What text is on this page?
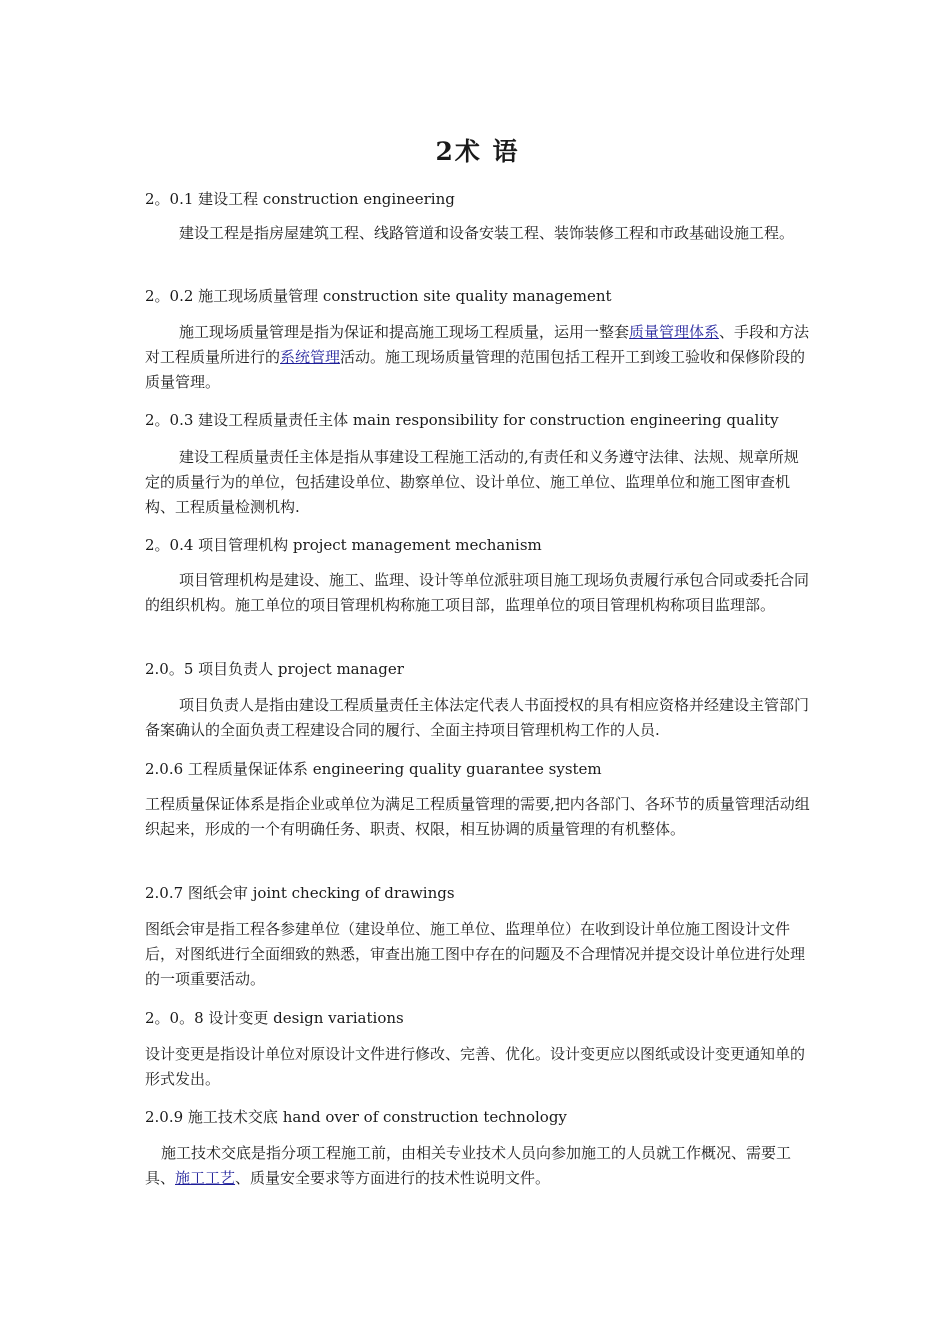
2术 语

2。0.1 建设工程 construction engineering

建设工程是指房屋建筑工程、线路管道和设备安装工程、装饰装修工程和市政基础设施工程。

2。0.2 施工现场质量管理 construction site quality management

施工现场质量管理是指为保证和提高施工现场工程质量，运用一整套质量管理体系、手段和方法对工程质量所进行的系统管理活动。施工现场质量管理的范围包括工程开工到竣工验收和保修阶段的质量管理。

2。0.3 建设工程质量责任主体 main responsibility for construction engineering quality

建设工程质量责任主体是指从事建设工程施工活动的,有责任和义务遵守法律、法规、规章所规定的质量行为的单位，包括建设单位、勘察单位、设计单位、施工单位、监理单位和施工图审查机构、工程质量检测机构.

2。0.4 项目管理机构 project management mechanism

项目管理机构是建设、施工、监理、设计等单位派驻项目施工现场负责履行承包合同或委托合同的组织机构。施工单位的项目管理机构称施工项目部，监理单位的项目管理机构称项目监理部。

2.0。5 项目负责人 project manager

项目负责人是指由建设工程质量责任主体法定代表人书面授权的具有相应资格并经建设主管部门备案确认的全面负责工程建设合同的履行、全面主持项目管理机构工作的人员.

2.0.6 工程质量保证体系 engineering quality guarantee system

工程质量保证体系是指企业或单位为满足工程质量管理的需要,把内各部门、各环节的质量管理活动组织起来，形成的一个有明确任务、职责、权限，相互协调的质量管理的有机整体。

2.0.7 图纸会审 joint checking of drawings

图纸会审是指工程各参建单位（建设单位、施工单位、监理单位）在收到设计单位施工图设计文件后，对图纸进行全面细致的熟悉，审查出施工图中存在的问题及不合理情况并提交设计单位进行处理的一项重要活动。

2。0。8 设计变更 design variations

设计变更是指设计单位对原设计文件进行修改、完善、优化。设计变更应以图纸或设计变更通知单的形式发出。

2.0.9 施工技术交底 hand over of construction technology

施工技术交底是指分项工程施工前，由相关专业技术人员向参加施工的人员就工作概况、需要工具、施工工艺、质量安全要求等方面进行的技术性说明文件。
